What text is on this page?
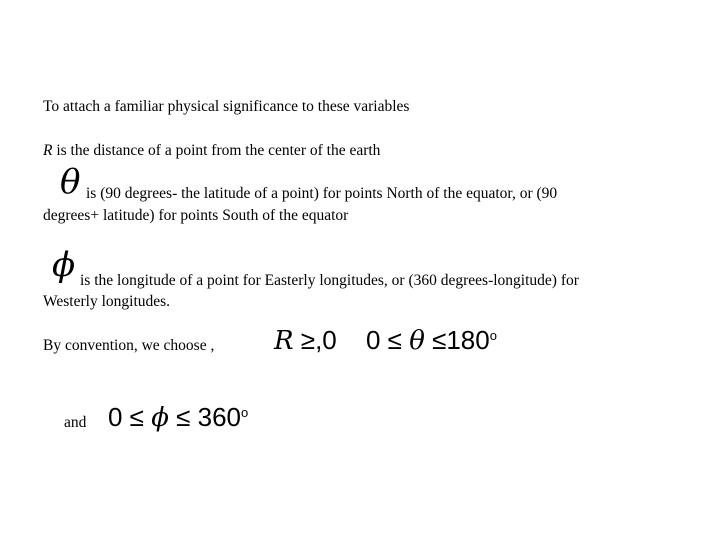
To attach a familiar physical significance to these variables
R is the distance of a point from the center of the earth
θ is (90 degrees- the latitude of a point) for points North of the equator, or (90
degrees+ latitude) for points South of the equator
ϕ is the longitude of a point for Easterly longitudes, or (360 degrees-longitude) for
Westerly longitudes.
By convention, we choose , R ≥,0 $0 \le \theta \le 180^o$
and $0 \le \phi \le 360^o$
